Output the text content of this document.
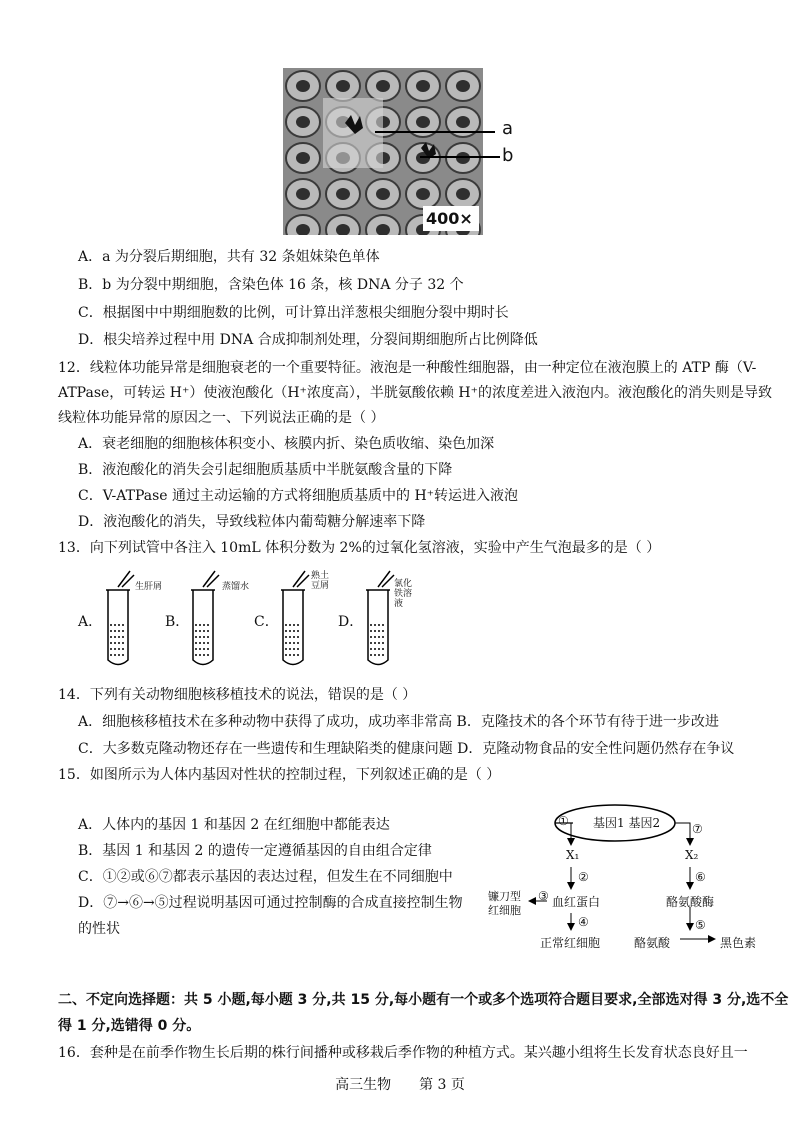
a
b
400×
A．a 为分裂后期细胞，共有 32 条姐妹染色单体
B．b 为分裂中期细胞，含染色体 16 条，核 DNA 分子 32 个
C．根据图中中期细胞数的比例，可计算出洋葱根尖细胞分裂中期时长
D．根尖培养过程中用 DNA 合成抑制剂处理，分裂间期细胞所占比例降低
12．线粒体功能异常是细胞衰老的一个重要特征。液泡是一种酸性细胞器，由一种定位在液泡膜上的 ATP 酶（V-
ATPase，可转运 H⁺）使液泡酸化（H⁺浓度高），半胱氨酸依赖 H⁺的浓度差进入液泡内。液泡酸化的消失则是导致
线粒体功能异常的原因之一、下列说法正确的是（ ）
A．衰老细胞的细胞核体积变小、核膜内折、染色质收缩、染色加深
B．液泡酸化的消失会引起细胞质基质中半胱氨酸含量的下降
C．V-ATPase 通过主动运输的方式将细胞质基质中的 H⁺转运进入液泡
D．液泡酸化的消失，导致线粒体内葡萄糖分解速率下降
13．向下列试管中各注入 10mL 体积分数为 2%的过氧化氢溶液，实验中产生气泡最多的是（ ）
A．	B．	C．	D．
生肝屑	蒸馏水
熟土豆屑	氯化铁溶液
14．下列有关动物细胞核移植技术的说法，错误的是（ ）
A．细胞核移植技术在多种动物中获得了成功，成功率非常高 B．克隆技术的各个环节有待于进一步改进
C．大多数克隆动物还存在一些遗传和生理缺陷类的健康问题 D．克隆动物食品的安全性问题仍然存在争议
15．如图所示为人体内基因对性状的控制过程，下列叙述正确的是（ ）
A．人体内的基因 1 和基因 2 在红细胞中都能表达
B．基因 1 和基因 2 的遗传一定遵循基因的自由组合定律
C．①②或⑥⑦都表示基因的表达过程，但发生在不同细胞中
D．⑦→⑥→⑤过程说明基因可通过控制酶的合成直接控制生物
的性状
① 基因1 基因2	⑦
X₁	X₂
②	⑥
镰刀型
红细胞
③ 血红蛋白	酪氨酸酶
④	⑤
正常红细胞	酪氨酸	黑色素
二、不定向选择题：共 5 小题,每小题 3 分,共 15 分,每小题有一个或多个选项符合题目要求,全部选对得 3 分,选不全
得 1 分,选错得 0 分。
16．套种是在前季作物生长后期的株行间播种或移栽后季作物的种植方式。某兴趣小组将生长发育状态良好且一
高三生物　　第 3 页
